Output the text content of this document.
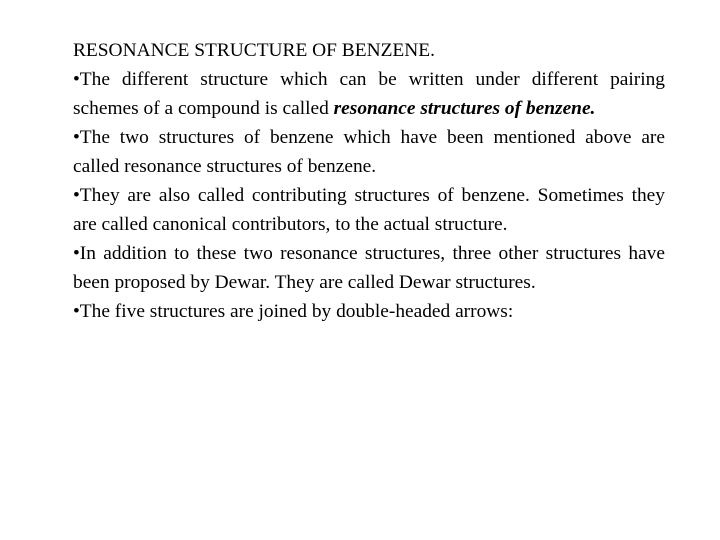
RESONANCE STRUCTURE OF BENZENE.

•The different structure which can be written under different pairing schemes of a compound is called resonance structures of benzene.

•The two structures of benzene which have been mentioned above are called resonance structures of benzene.

•They are also called contributing structures of benzene. Sometimes they are called canonical contributors, to the actual structure.

•In addition to these two resonance structures, three other structures have been proposed by Dewar. They are called Dewar structures.

•The five structures are joined by double-headed arrows:
